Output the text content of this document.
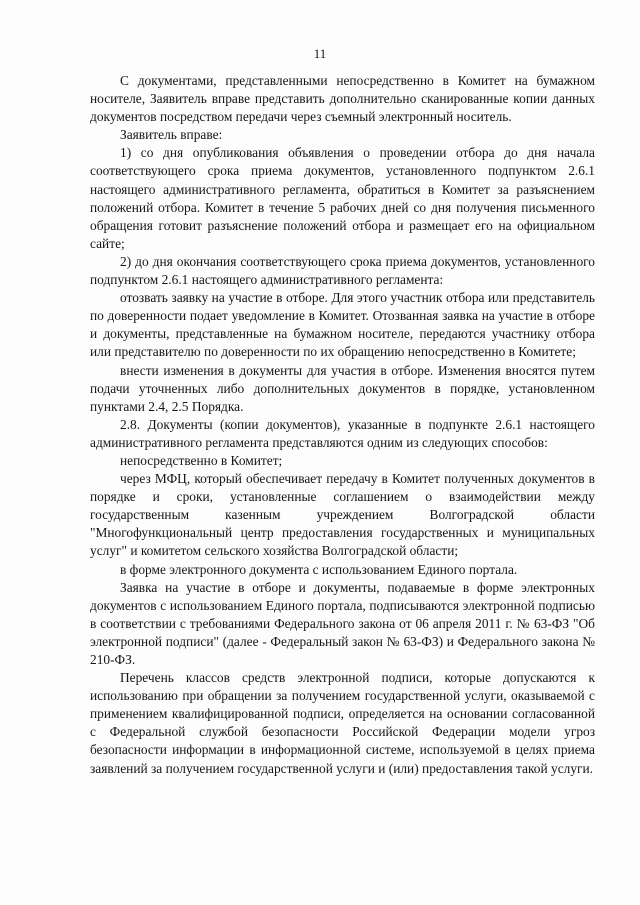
11

С документами, представленными непосредственно в Комитет на бумажном носителе, Заявитель вправе представить дополнительно сканированные копии данных документов посредством передачи через съемный электронный носитель.

Заявитель вправе:

1) со дня опубликования объявления о проведении отбора до дня начала соответствующего срока приема документов, установленного подпунктом 2.6.1 настоящего административного регламента, обратиться в Комитет за разъяснением положений отбора. Комитет в течение 5 рабочих дней со дня получения письменного обращения готовит разъяснение положений отбора и размещает его на официальном сайте;

2) до дня окончания соответствующего срока приема документов, установленного подпунктом 2.6.1 настоящего административного регламента:

отозвать заявку на участие в отборе. Для этого участник отбора или представитель по доверенности подает уведомление в Комитет. Отозванная заявка на участие в отборе и документы, представленные на бумажном носителе, передаются участнику отбора или представителю по доверенности по их обращению непосредственно в Комитете;

внести изменения в документы для участия в отборе. Изменения вносятся путем подачи уточненных либо дополнительных документов в порядке, установленном пунктами 2.4, 2.5 Порядка.

2.8. Документы (копии документов), указанные в подпункте 2.6.1 настоящего административного регламента представляются одним из следующих способов:

непосредственно в Комитет;

через МФЦ, который обеспечивает передачу в Комитет полученных документов в порядке и сроки, установленные соглашением о взаимодействии между государственным казенным учреждением Волгоградской области "Многофункциональный центр предоставления государственных и муниципальных услуг" и комитетом сельского хозяйства Волгоградской области;

в форме электронного документа с использованием Единого портала.

Заявка на участие в отборе и документы, подаваемые в форме электронных документов с использованием Единого портала, подписываются электронной подписью в соответствии с требованиями Федерального закона от 06 апреля 2011 г. № 63-ФЗ "Об электронной подписи" (далее - Федеральный закон № 63-ФЗ) и Федерального закона № 210-ФЗ.

Перечень классов средств электронной подписи, которые допускаются к использованию при обращении за получением государственной услуги, оказываемой с применением квалифицированной подписи, определяется на основании согласованной с Федеральной службой безопасности Российской Федерации модели угроз безопасности информации в информационной системе, используемой в целях приема заявлений за получением государственной услуги и (или) предоставления такой услуги.
